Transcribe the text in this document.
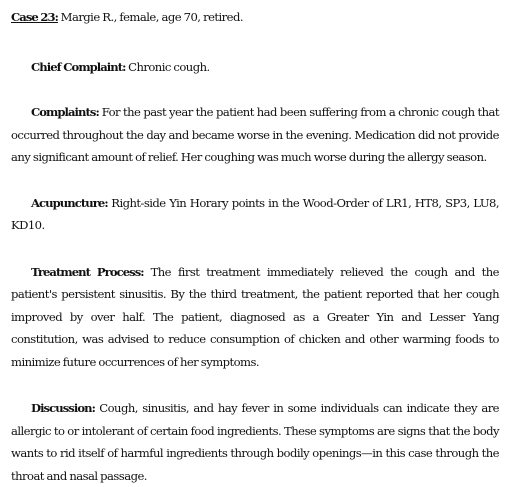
Case 23: Margie R., female, age 70, retired.

Chief Complaint: Chronic cough.

Complaints: For the past year the patient had been suffering from a chronic cough that occurred throughout the day and became worse in the evening. Medication did not provide any significant amount of relief. Her coughing was much worse during the allergy season.

Acupuncture: Right-side Yin Horary points in the Wood-Order of LR1, HT8, SP3, LU8, KD10.

Treatment Process: The first treatment immediately relieved the cough and the patient's persistent sinusitis. By the third treatment, the patient reported that her cough improved by over half. The patient, diagnosed as a Greater Yin and Lesser Yang constitution, was advised to reduce consumption of chicken and other warming foods to minimize future occurrences of her symptoms.

Discussion: Cough, sinusitis, and hay fever in some individuals can indicate they are allergic to or intolerant of certain food ingredients. These symptoms are signs that the body wants to rid itself of harmful ingredients through bodily openings—in this case through the throat and nasal passage.
